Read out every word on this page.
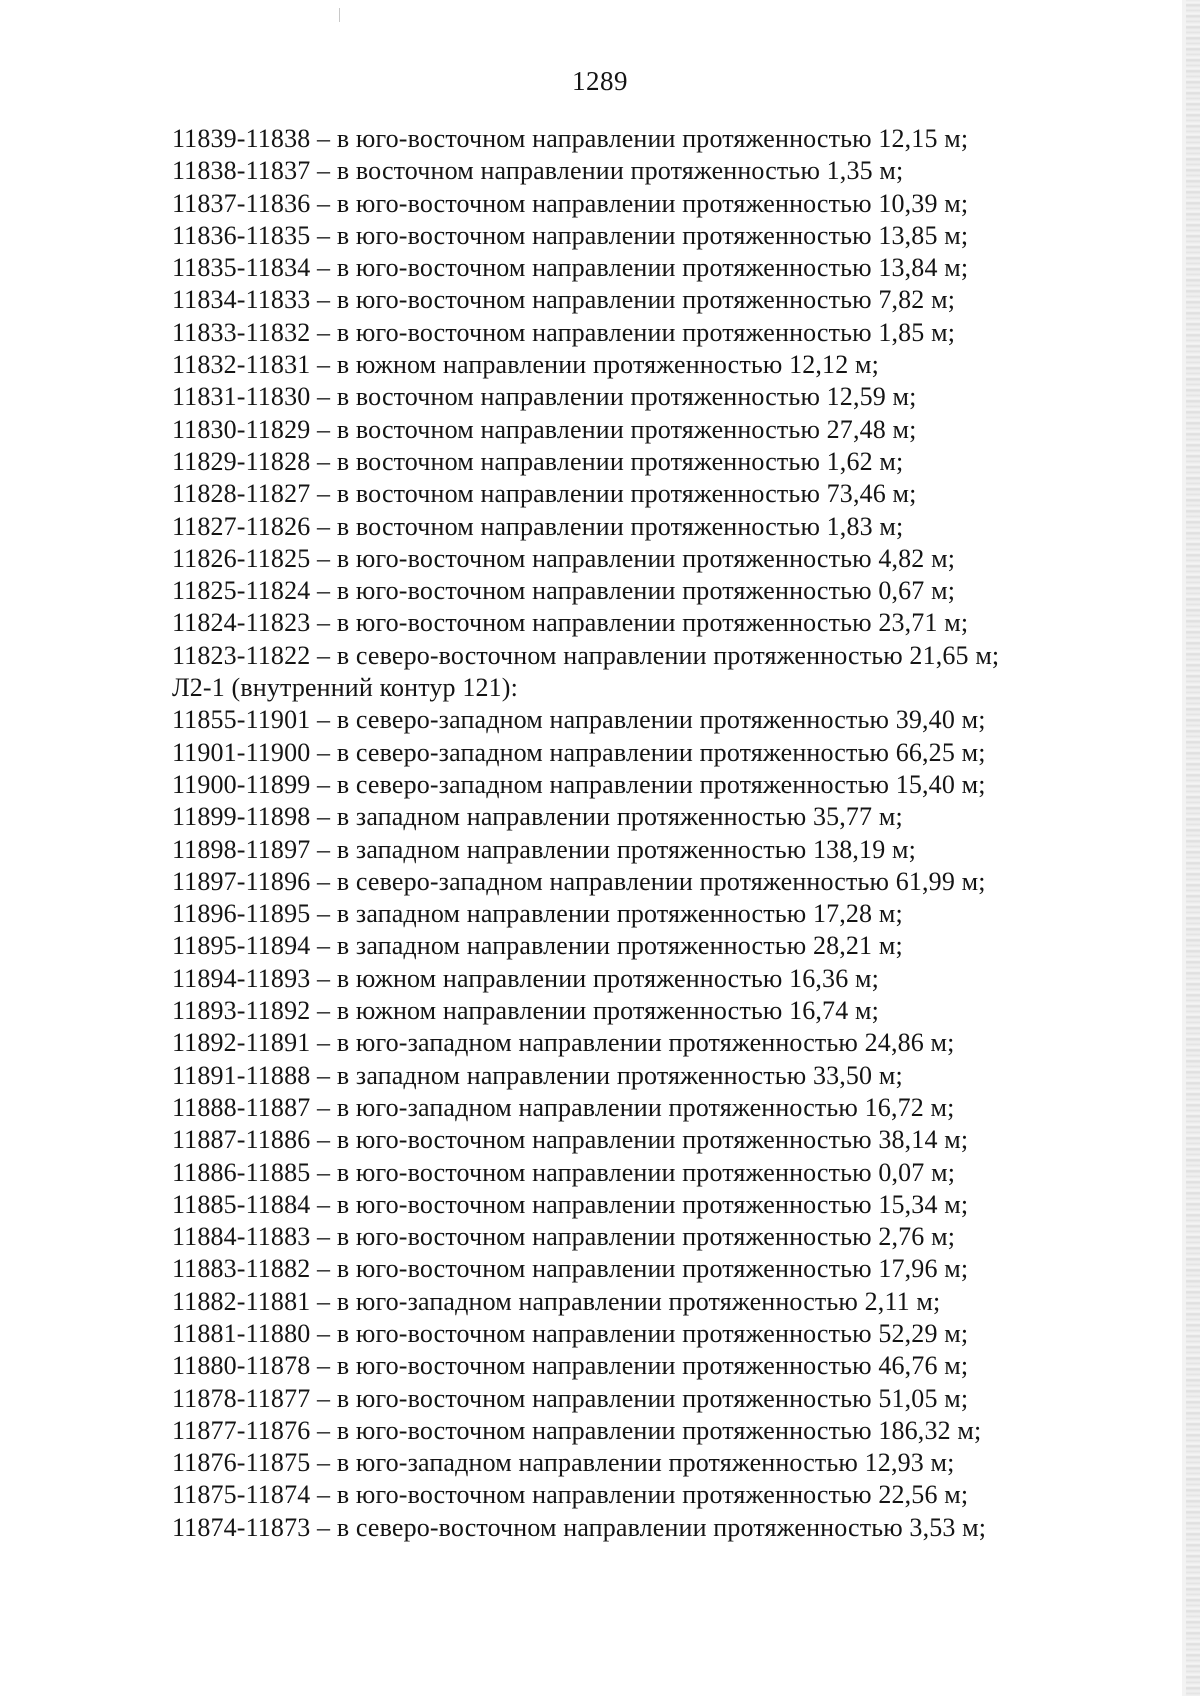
1289
11839-11838 – в юго-восточном направлении протяженностью 12,15 м;
11838-11837 – в восточном направлении протяженностью 1,35 м;
11837-11836 – в юго-восточном направлении протяженностью 10,39 м;
11836-11835 – в юго-восточном направлении протяженностью 13,85 м;
11835-11834 – в юго-восточном направлении протяженностью 13,84 м;
11834-11833 – в юго-восточном направлении протяженностью 7,82 м;
11833-11832 – в юго-восточном направлении протяженностью 1,85 м;
11832-11831 – в южном направлении протяженностью 12,12 м;
11831-11830 – в восточном направлении протяженностью 12,59 м;
11830-11829 – в восточном направлении протяженностью 27,48 м;
11829-11828 – в восточном направлении протяженностью 1,62 м;
11828-11827 – в восточном направлении протяженностью 73,46 м;
11827-11826 – в восточном направлении протяженностью 1,83 м;
11826-11825 – в юго-восточном направлении протяженностью 4,82 м;
11825-11824 – в юго-восточном направлении протяженностью 0,67 м;
11824-11823 – в юго-восточном направлении протяженностью 23,71 м;
11823-11822 – в северо-восточном направлении протяженностью 21,65 м;
Л2-1 (внутренний контур 121):
11855-11901 – в северо-западном направлении протяженностью 39,40 м;
11901-11900 – в северо-западном направлении протяженностью 66,25 м;
11900-11899 – в северо-западном направлении протяженностью 15,40 м;
11899-11898 – в западном направлении протяженностью 35,77 м;
11898-11897 – в западном направлении протяженностью 138,19 м;
11897-11896 – в северо-западном направлении протяженностью 61,99 м;
11896-11895 – в западном направлении протяженностью 17,28 м;
11895-11894 – в западном направлении протяженностью 28,21 м;
11894-11893 – в южном направлении протяженностью 16,36 м;
11893-11892 – в южном направлении протяженностью 16,74 м;
11892-11891 – в юго-западном направлении протяженностью 24,86 м;
11891-11888 – в западном направлении протяженностью 33,50 м;
11888-11887 – в юго-западном направлении протяженностью 16,72 м;
11887-11886 – в юго-восточном направлении протяженностью 38,14 м;
11886-11885 – в юго-восточном направлении протяженностью 0,07 м;
11885-11884 – в юго-восточном направлении протяженностью 15,34 м;
11884-11883 – в юго-восточном направлении протяженностью 2,76 м;
11883-11882 – в юго-восточном направлении протяженностью 17,96 м;
11882-11881 – в юго-западном направлении протяженностью 2,11 м;
11881-11880 – в юго-восточном направлении протяженностью 52,29 м;
11880-11878 – в юго-восточном направлении протяженностью 46,76 м;
11878-11877 – в юго-восточном направлении протяженностью 51,05 м;
11877-11876 – в юго-восточном направлении протяженностью 186,32 м;
11876-11875 – в юго-западном направлении протяженностью 12,93 м;
11875-11874 – в юго-восточном направлении протяженностью 22,56 м;
11874-11873 – в северо-восточном направлении протяженностью 3,53 м;
